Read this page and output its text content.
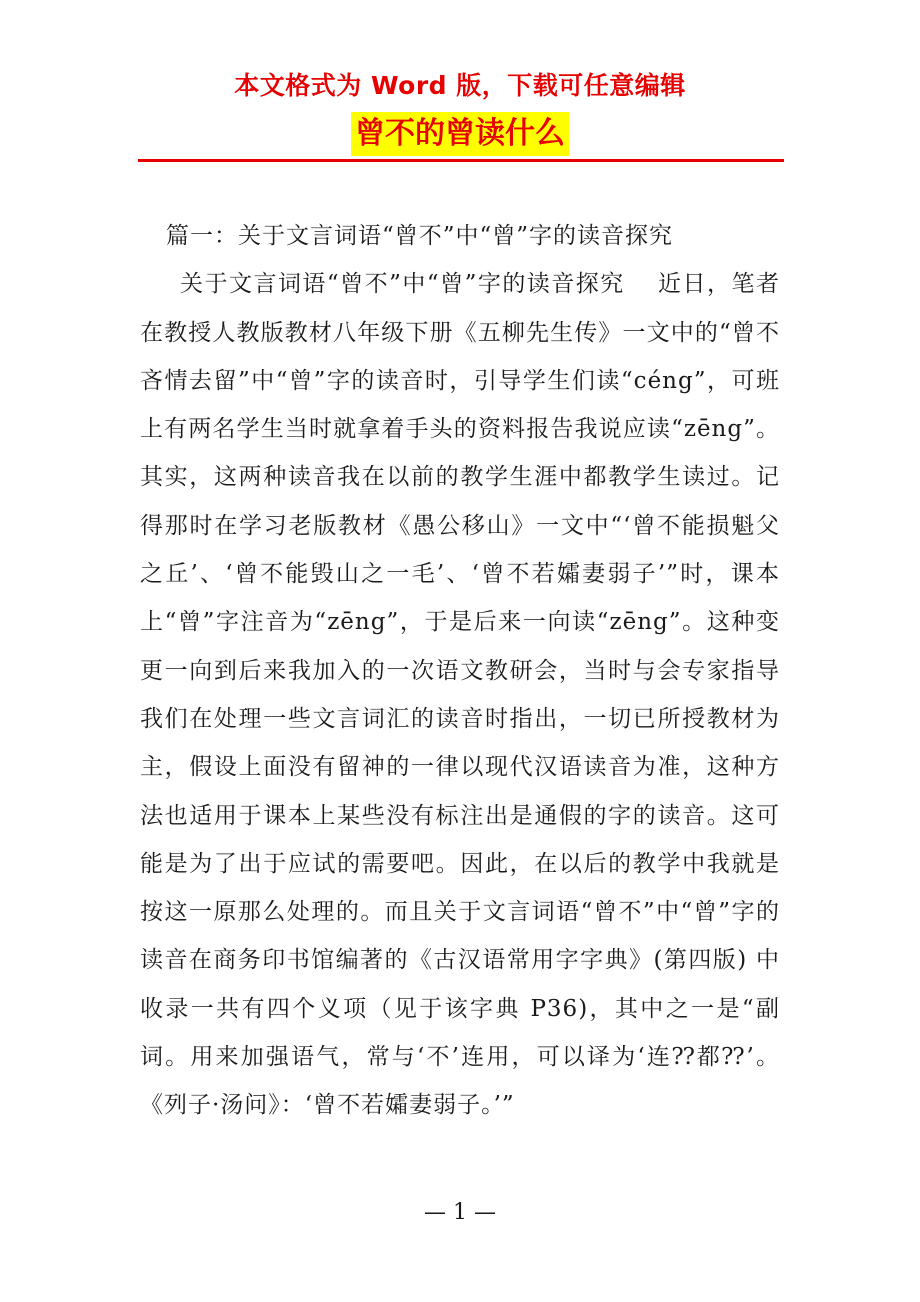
本文格式为 Word 版，下载可任意编辑
曾不的曾读什么

篇一：关于文言词语“曾不”中“曾”字的读音探究

关于文言词语“曾不”中“曾”字的读音探究　 近日，笔者在教授人教版教材八年级下册《五柳先生传》一文中的“曾不吝情去留”中“曾”字的读音时，引导学生们读“céng”，可班上有两名学生当时就拿着手头的资料报告我说应读“zēng”。其实，这两种读音我在以前的教学生涯中都教学生读过。记得那时在学习老版教材《愚公移山》一文中“‘曾不能损魁父之丘’、‘曾不能毁山之一毛’、‘曾不若孀妻弱子’”时，课本上“曾”字注音为“zēng”，于是后来一向读“zēng”。这种变更一向到后来我加入的一次语文教研会，当时与会专家指导我们在处理一些文言词汇的读音时指出，一切已所授教材为主，假设上面没有留神的一律以现代汉语读音为准，这种方法也适用于课本上某些没有标注出是通假的字的读音。这可能是为了出于应试的需要吧。因此，在以后的教学中我就是按这一原那么处理的。而且关于文言词语“曾不”中“曾”字的读音在商务印书馆编著的《古汉语常用字字典》(第四版) 中收录一共有四个义项（见于该字典 P36)，其中之一是“副词。用来加强语气，常与‘不’连用，可以译为‘连⁇都⁇’。《列子·汤问》：‘曾不若孀妻弱子。’”

— 1 —
